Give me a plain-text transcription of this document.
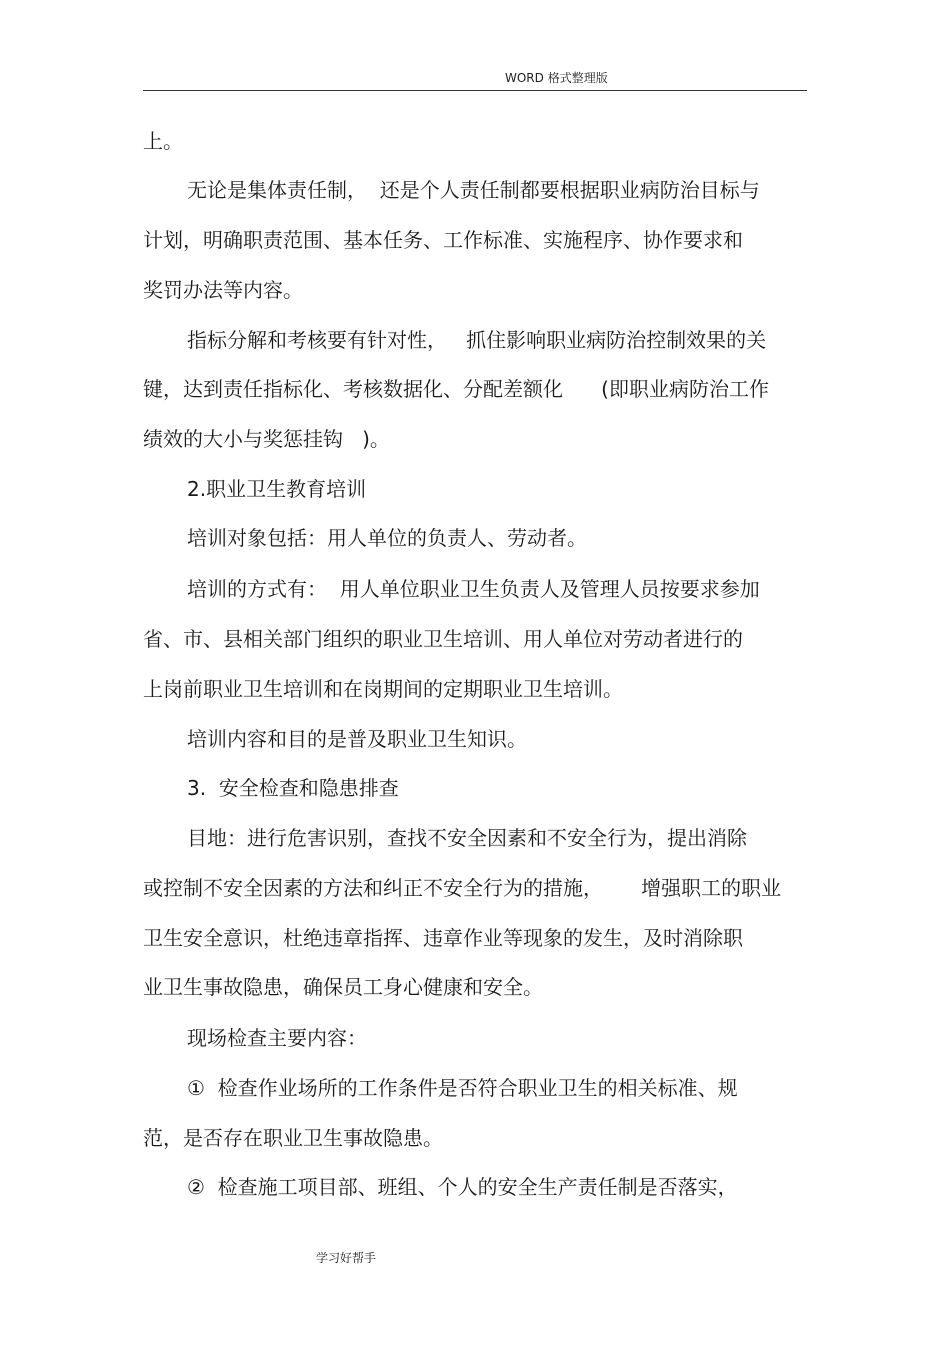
WORD 格式整理版
上。
无论是集体责任制，  还是个人责任制都要根据职业病防治目标与
计划，明确职责范围、基本任务、工作标准、实施程序、协作要求和
奖罚办法等内容。
指标分解和考核要有针对性，   抓住影响职业病防治控制效果的关
键，达到责任指标化、考核数据化、分配差额化      (即职业病防治工作
绩效的大小与奖惩挂钩   )。
2.职业卫生教育培训
培训对象包括：用人单位的负责人、劳动者。
培训的方式有：  用人单位职业卫生负责人及管理人员按要求参加
省、市、县相关部门组织的职业卫生培训、用人单位对劳动者进行的
上岗前职业卫生培训和在岗期间的定期职业卫生培训。
培训内容和目的是普及职业卫生知识。
3.  安全检查和隐患排查
目地：进行危害识别，查找不安全因素和不安全行为，提出消除
或控制不安全因素的方法和纠正不安全行为的措施，      增强职工的职业
卫生安全意识，杜绝违章指挥、违章作业等现象的发生，及时消除职
业卫生事故隐患，确保员工身心健康和安全。
现场检查主要内容：
①  检查作业场所的工作条件是否符合职业卫生的相关标准、规
范，是否存在职业卫生事故隐患。
②  检查施工项目部、班组、个人的安全生产责任制是否落实，
学习好帮手
